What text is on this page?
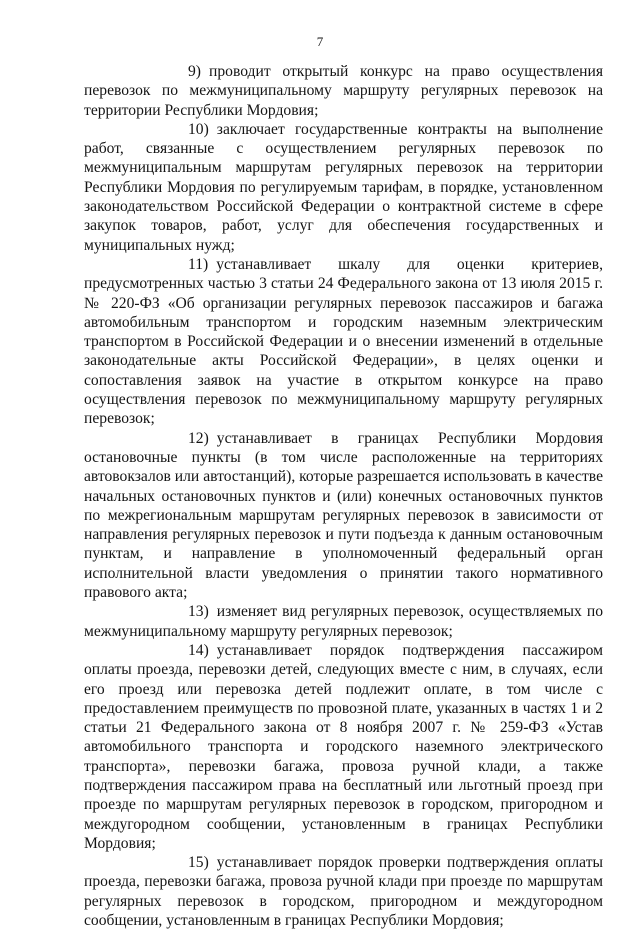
7

9) проводит открытый конкурс на право осуществления перевозок по межмуниципальному маршруту регулярных перевозок на территории Республики Мордовия;

10) заключает государственные контракты на выполнение работ, связанные с осуществлением регулярных перевозок по межмуниципальным маршрутам регулярных перевозок на территории Республики Мордовия по регулируемым тарифам, в порядке, установленном законодательством Российской Федерации о контрактной системе в сфере закупок товаров, работ, услуг для обеспечения государственных и муниципальных нужд;

11) устанавливает шкалу для оценки критериев, предусмотренных частью 3 статьи 24 Федерального закона от 13 июля 2015 г. № 220-ФЗ «Об организации регулярных перевозок пассажиров и багажа автомобильным транспортом и городским наземным электрическим транспортом в Российской Федерации и о внесении изменений в отдельные законодательные акты Российской Федерации», в целях оценки и сопоставления заявок на участие в открытом конкурсе на право осуществления перевозок по межмуниципальному маршруту регулярных перевозок;

12) устанавливает в границах Республики Мордовия остановочные пункты (в том числе расположенные на территориях автовокзалов или автостанций), которые разрешается использовать в качестве начальных остановочных пунктов и (или) конечных остановочных пунктов по межрегиональным маршрутам регулярных перевозок в зависимости от направления регулярных перевозок и пути подъезда к данным остановочным пунктам, и направление в уполномоченный федеральный орган исполнительной власти уведомления о принятии такого нормативного правового акта;

13) изменяет вид регулярных перевозок, осуществляемых по межмуниципальному маршруту регулярных перевозок;

14) устанавливает порядок подтверждения пассажиром оплаты проезда, перевозки детей, следующих вместе с ним, в случаях, если его проезд или перевозка детей подлежит оплате, в том числе с предоставлением преимуществ по провозной плате, указанных в частях 1 и 2 статьи 21 Федерального закона от 8 ноября 2007 г. № 259-ФЗ «Устав автомобильного транспорта и городского наземного электрического транспорта», перевозки багажа, провоза ручной клади, а также подтверждения пассажиром права на бесплатный или льготный проезд при проезде по маршрутам регулярных перевозок в городском, пригородном и междугородном сообщении, установленным в границах Республики Мордовия;

15) устанавливает порядок проверки подтверждения оплаты проезда, перевозки багажа, провоза ручной клади при проезде по маршрутам регулярных перевозок в городском, пригородном и междугородном сообщении, установленным в границах Республики Мордовия;
